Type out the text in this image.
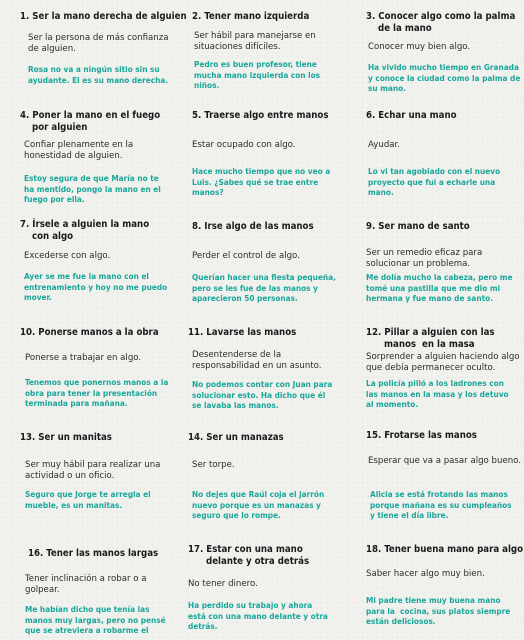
1. Ser la mano derecha de alguien
Ser la persona de más confianza
de alguien.
Rosa no va a ningún sitio sin su
ayudante. El es su mano derecha.
2. Tener mano izquierda
Ser hábil para manejarse en
situaciones difíciles.
Pedro es buen profesor, tiene
mucha mano izquierda con los
niños.
3. Conocer algo como la palma
de la mano
Conocer muy bien algo.
Ha vivido mucho tiempo en Granada
y conoce la ciudad como la palma de
su mano.
4. Poner la mano en el fuego
por alguien
Confiar plenamente en la
honestidad de alguien.
Estoy segura de que María no te
ha mentido, pongo la mano en el
fuego por ella.
5. Traerse algo entre manos
Estar ocupado con algo.
Hace mucho tiempo que no veo a
Luis. ¿Sabes qué se trae entre
manos?
6. Echar una mano
Ayudar.
Lo vi tan agobiado con el nuevo
proyecto que fui a echarle una
mano.
7. Írsele a alguien la mano
con algo
Excederse con algo.
Ayer se me fue la mano con el
entrenamiento y hoy no me puedo
mover.
8. Irse algo de las manos
Perder el control de algo.
Querían hacer una fiesta pequeña,
pero se les fue de las manos y
aparecieron 50 personas.
9. Ser mano de santo
Ser un remedio eficaz para
solucionar un problema.
Me dolía mucho la cabeza, pero me
tomé una pastilla que me dio mi
hermana y fue mano de santo.
10. Ponerse manos a la obra
Ponerse a trabajar en algo.
Tenemos que ponernos manos a la
obra para tener la presentación
terminada para mañana.
11. Lavarse las manos
Desentenderse de la
responsabilidad en un asunto.
No podemos contar con Juan para
solucionar esto. Ha dicho que él
se lavaba las manos.
12. Pillar a alguien con las
manos  en la masa
Sorprender a alguien haciendo algo
que debía permanecer oculto.
La policía pilló a los ladrones con
las manos en la masa y los detuvo
al momento.
13. Ser un manitas
Ser muy hábil para realizar una
actividad o un oficio.
Seguro que Jorge te arregla el
mueble, es un manitas.
14. Ser un manazas
Ser torpe.
No dejes que Raúl coja el jarrón
nuevo porque es un manazas y
seguro que lo rompe.
15. Frotarse las manos
Esperar que va a pasar algo bueno.
Alicia se está frotando las manos
porque mañana es su cumpleaños
y tiene el día libre.
16. Tener las manos largas
Tener inclinación a robar o a
golpear.
Me habían dicho que tenía las
manos muy largas, pero no pensé
que se atreviera a robarme el
17. Estar con una mano
delante y otra detrás
No tener dinero.
Ha perdido su trabajo y ahora
está con una mano delante y otra
detrás.
18. Tener buena mano para algo
Saber hacer algo muy bien.
Mi padre tiene muy buena mano
para la  cocina, sus platos siempre
están deliciosos.
